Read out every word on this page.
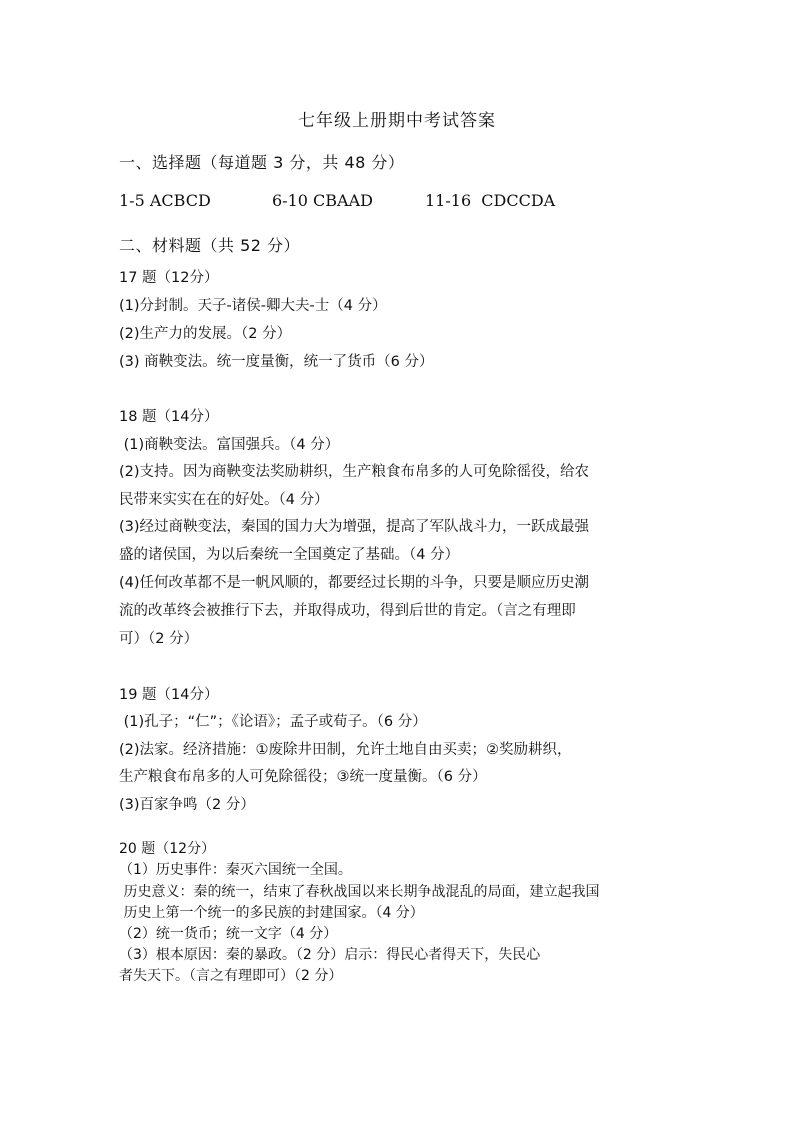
七年级上册期中考试答案
一、选择题（每道题 3 分，共 48 分）
1-5 ACBCD	6-10 CBAAD	11-16  CDCCDA
二、材料题（共 52 分）
17 题（12分）
(1)分封制。天子-诸侯-卿大夫-士（4 分）
(2)生产力的发展。（2 分）
(3) 商鞅变法。统一度量衡，统一了货币（6 分）
18 题（14分）
(1)商鞅变法。富国强兵。（4 分）
(2)支持。因为商鞅变法奖励耕织，生产粮食布帛多的人可免除徭役，给农
民带来实实在在的好处。（4 分）
(3)经过商鞅变法，秦国的国力大为增强，提高了军队战斗力，一跃成最强
盛的诸侯国，为以后秦统一全国奠定了基础。（4 分）
(4)任何改革都不是一帆风顺的，都要经过长期的斗争，只要是顺应历史潮
流的改革终会被推行下去，并取得成功，得到后世的肯定。（言之有理即
可）（2 分）
19 题（14分）
(1)孔子；“仁”；《论语》；孟子或荀子。（6 分）
(2)法家。经济措施：①废除井田制，允许土地自由买卖；②奖励耕织，
生产粮食布帛多的人可免除徭役；③统一度量衡。（6 分）
(3)百家争鸣（2 分）
20 题（12分）
（1）历史事件：秦灭六国统一全国。
历史意义：秦的统一，结束了春秋战国以来长期争战混乱的局面，建立起我国
历史上第一个统一的多民族的封建国家。（4 分）
（2）统一货币；统一文字（4 分）
（3）根本原因：秦的暴政。（2 分）启示：得民心者得天下，失民心
者失天下。（言之有理即可）（2 分）
